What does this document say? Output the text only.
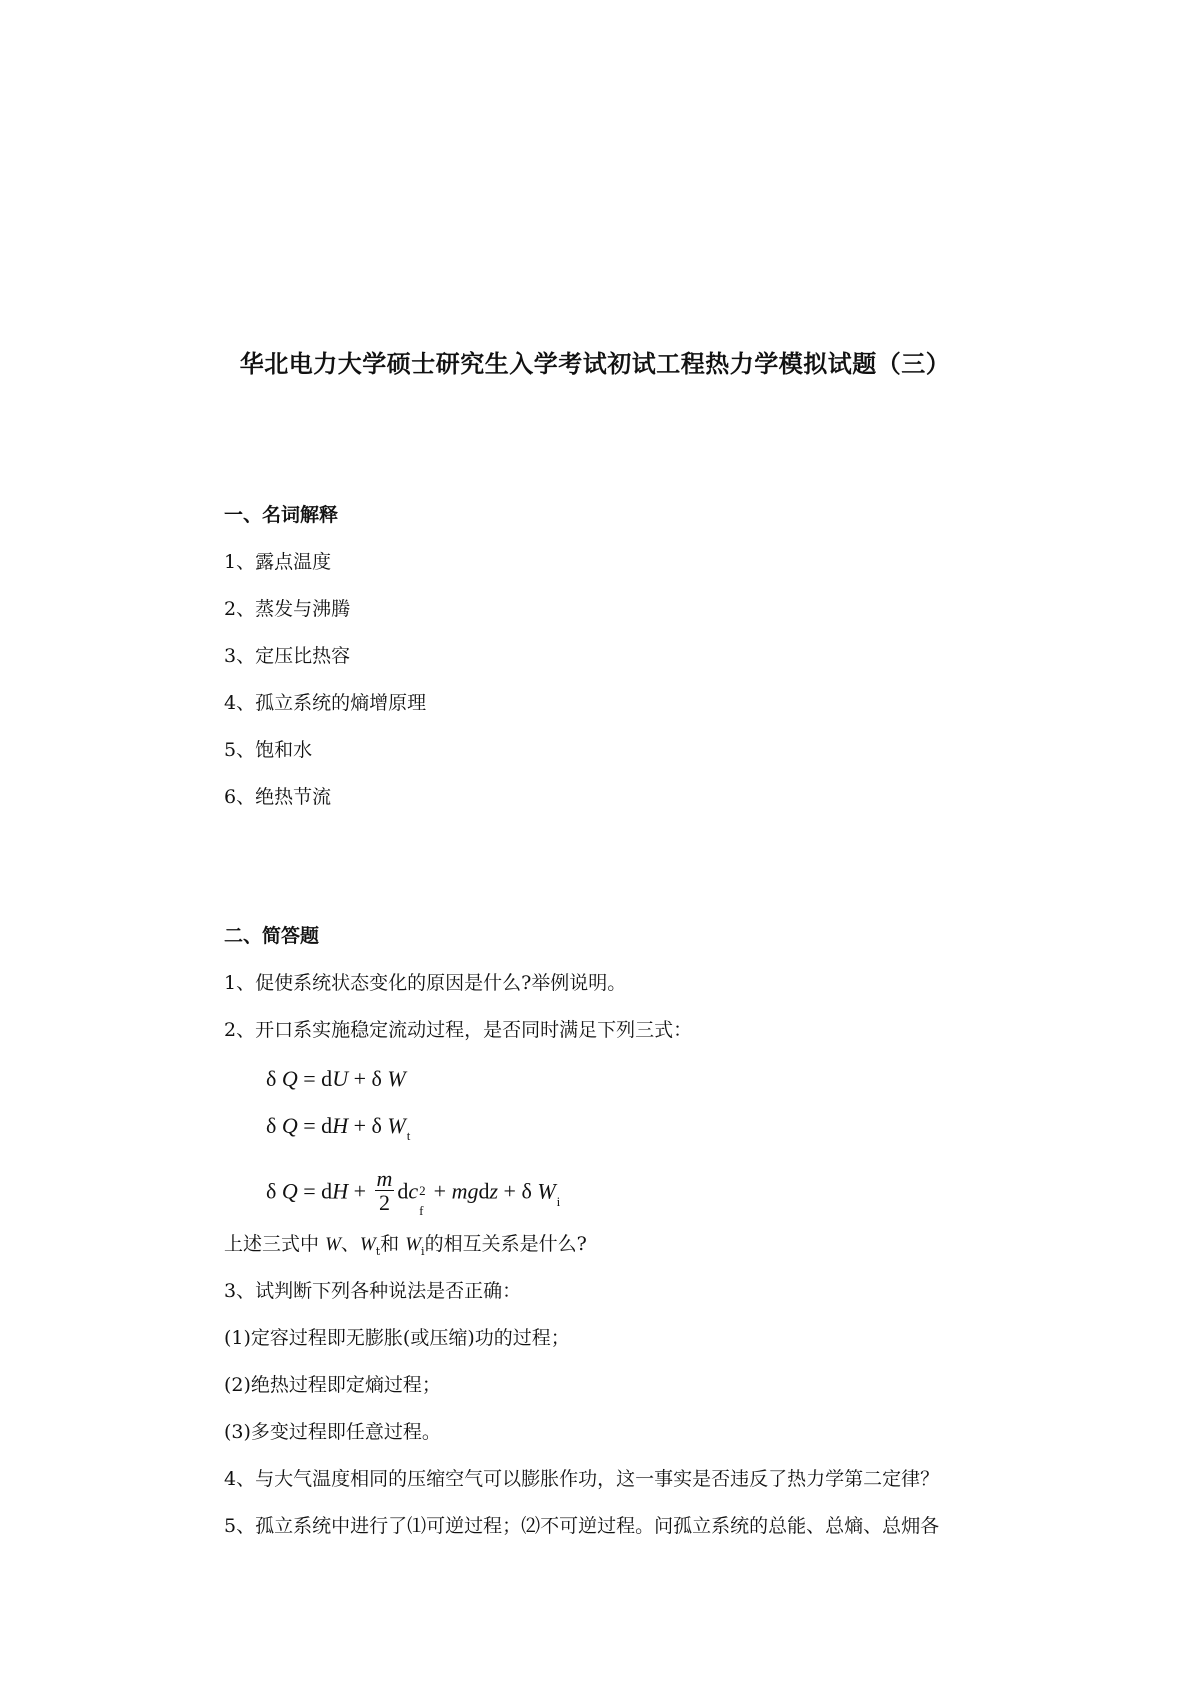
华北电力大学硕士研究生入学考试初试工程热力学模拟试题（三）
一、名词解释
1、露点温度
2、蒸发与沸腾
3、定压比热容
4、孤立系统的熵增原理
5、饱和水
6、绝热节流
二、简答题
1、促使系统状态变化的原因是什么?举例说明。
2、开口系实施稳定流动过程，是否同时满足下列三式：
δ Q = dU + δ W
δ Q = dH + δ $W_t$
δ Q = dH + $\frac{m}{2}$ dc 2
f
+ mgdz + δ $W_i$
上述三式中 W、$W_t$和 $W_i$的相互关系是什么?
3、试判断下列各种说法是否正确：
(1)定容过程即无膨胀(或压缩)功的过程；
(2)绝热过程即定熵过程；
(3)多变过程即任意过程。
4、与大气温度相同的压缩空气可以膨胀作功，这一事实是否违反了热力学第二定律？
5、孤立系统中进行了⑴可逆过程；⑵不可逆过程。问孤立系统的总能、总熵、总㶲各
